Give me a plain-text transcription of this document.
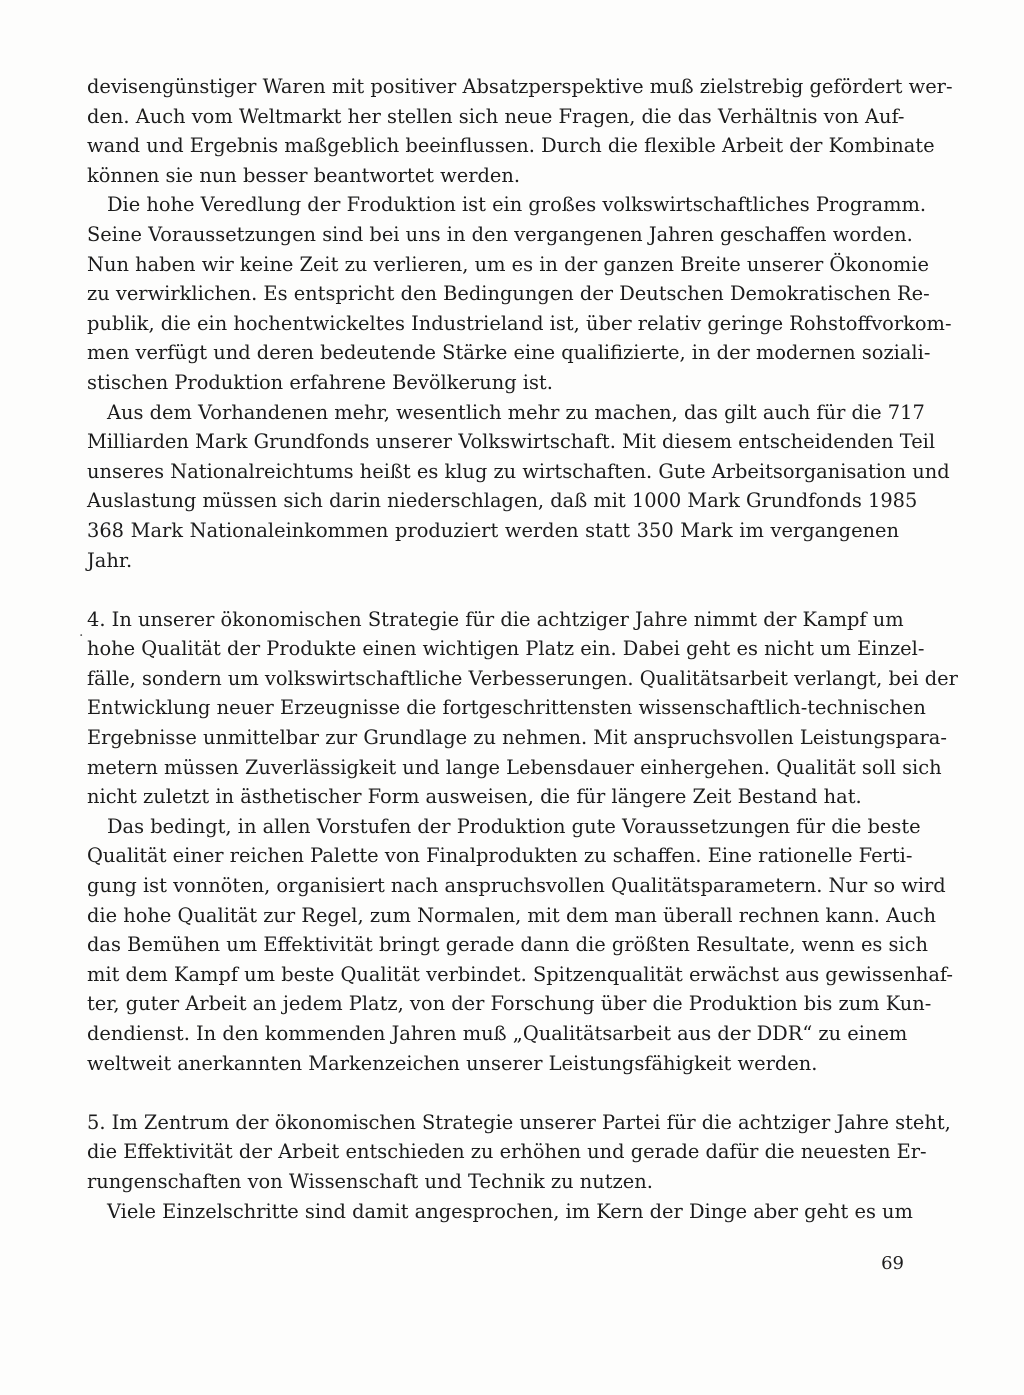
devisengünstiger Waren mit positiver Absatzperspektive muß zielstrebig gefördert wer-
den. Auch vom Weltmarkt her stellen sich neue Fragen, die das Verhältnis von Auf-
wand und Ergebnis maßgeblich beeinflussen. Durch die flexible Arbeit der Kombinate
können sie nun besser beantwortet werden.
Die hohe Veredlung der Froduktion ist ein großes volkswirtschaftliches Programm.
Seine Voraussetzungen sind bei uns in den vergangenen Jahren geschaffen worden.
Nun haben wir keine Zeit zu verlieren, um es in der ganzen Breite unserer Ökonomie
zu verwirklichen. Es entspricht den Bedingungen der Deutschen Demokratischen Re-
publik, die ein hochentwickeltes Industrieland ist, über relativ geringe Rohstoffvorkom-
men verfügt und deren bedeutende Stärke eine qualifizierte, in der modernen soziali-
stischen Produktion erfahrene Bevölkerung ist.
Aus dem Vorhandenen mehr, wesentlich mehr zu machen, das gilt auch für die 717
Milliarden Mark Grundfonds unserer Volkswirtschaft. Mit diesem entscheidenden Teil
unseres Nationalreichtums heißt es klug zu wirtschaften. Gute Arbeitsorganisation und
Auslastung müssen sich darin niederschlagen, daß mit 1000 Mark Grundfonds 1985
368 Mark Nationaleinkommen produziert werden statt 350 Mark im vergangenen
Jahr.
4. In unserer ökonomischen Strategie für die achtziger Jahre nimmt der Kampf um
hohe Qualität der Produkte einen wichtigen Platz ein. Dabei geht es nicht um Einzel-
fälle, sondern um volkswirtschaftliche Verbesserungen. Qualitätsarbeit verlangt, bei der
Entwicklung neuer Erzeugnisse die fortgeschrittensten wissenschaftlich-technischen
Ergebnisse unmittelbar zur Grundlage zu nehmen. Mit anspruchsvollen Leistungspara-
metern müssen Zuverlässigkeit und lange Lebensdauer einhergehen. Qualität soll sich
nicht zuletzt in ästhetischer Form ausweisen, die für längere Zeit Bestand hat.
Das bedingt, in allen Vorstufen der Produktion gute Voraussetzungen für die beste
Qualität einer reichen Palette von Finalprodukten zu schaffen. Eine rationelle Ferti-
gung ist vonnöten, organisiert nach anspruchsvollen Qualitätsparametern. Nur so wird
die hohe Qualität zur Regel, zum Normalen, mit dem man überall rechnen kann. Auch
das Bemühen um Effektivität bringt gerade dann die größten Resultate, wenn es sich
mit dem Kampf um beste Qualität verbindet. Spitzenqualität erwächst aus gewissenhaf-
ter, guter Arbeit an jedem Platz, von der Forschung über die Produktion bis zum Kun-
dendienst. In den kommenden Jahren muß „Qualitätsarbeit aus der DDR“ zu einem
weltweit anerkannten Markenzeichen unserer Leistungsfähigkeit werden.
5. Im Zentrum der ökonomischen Strategie unserer Partei für die achtziger Jahre steht,
die Effektivität der Arbeit entschieden zu erhöhen und gerade dafür die neuesten Er-
rungenschaften von Wissenschaft und Technik zu nutzen.
Viele Einzelschritte sind damit angesprochen, im Kern der Dinge aber geht es um
·
69
